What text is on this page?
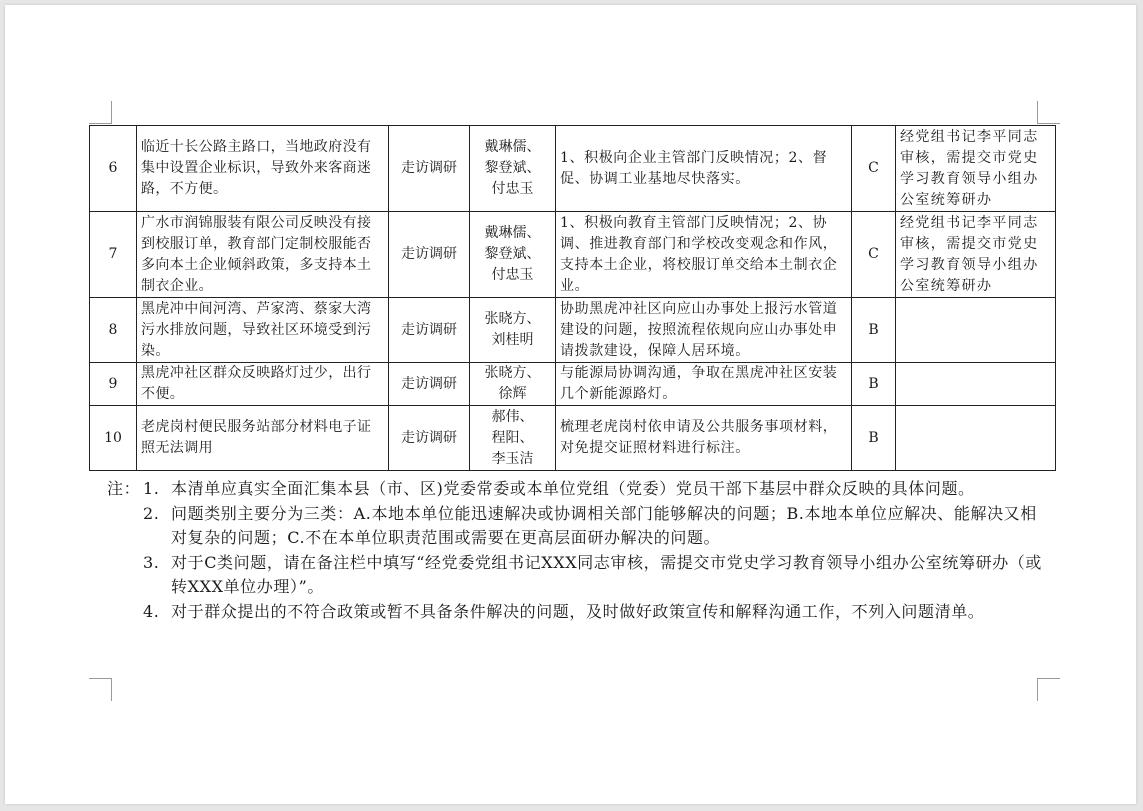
6	临近十长公路主路口，当地政府没有集中设置企业标识，导致外来客商迷路，不方便。	走访调研	戴琳儒、
黎登斌、
付忠玉	1、积极向企业主管部门反映情况；2、督促、协调工业基地尽快落实。	C	经党组书记李平同志审核，需提交市党史学习教育领导小组办公室统筹研办
7	广水市润锦服装有限公司反映没有接到校服订单，教育部门定制校服能否多向本土企业倾斜政策，多支持本土制衣企业。	走访调研	戴琳儒、
黎登斌、
付忠玉	1、积极向教育主管部门反映情况；2、协调、推进教育部门和学校改变观念和作风，支持本土企业，将校服订单交给本土制衣企业。	C	经党组书记李平同志审核，需提交市党史学习教育领导小组办公室统筹研办
8	黑虎冲中间河湾、芦家湾、蔡家大湾污水排放问题，导致社区环境受到污染。	走访调研	张晓方、
刘桂明	协助黑虎冲社区向应山办事处上报污水管道建设的问题，按照流程依规向应山办事处申请拨款建设，保障人居环境。	B	
9	黑虎冲社区群众反映路灯过少，出行不便。	走访调研	张晓方、
徐辉	与能源局协调沟通，争取在黑虎冲社区安装几个新能源路灯。	B	
10	老虎岗村便民服务站部分材料电子证照无法调用	走访调研	郝伟、
程阳、
李玉洁	梳理老虎岗村依申请及公共服务事项材料，对免提交证照材料进行标注。	B	
注： 1. 本清单应真实全面汇集本县（市、区)党委常委或本单位党组（党委）党员干部下基层中群众反映的具体问题。
2. 问题类别主要分为三类：A.本地本单位能迅速解决或协调相关部门能够解决的问题；B.本地本单位应解决、能解决又相对复杂的问题；C.不在本单位职责范围或需要在更高层面研办解决的问题。
3. 对于C类问题，请在备注栏中填写“经党委党组书记XXX同志审核，需提交市党史学习教育领导小组办公室统筹研办（或转XXX单位办理）”。
4. 对于群众提出的不符合政策或暂不具备条件解决的问题，及时做好政策宣传和解释沟通工作，不列入问题清单。
